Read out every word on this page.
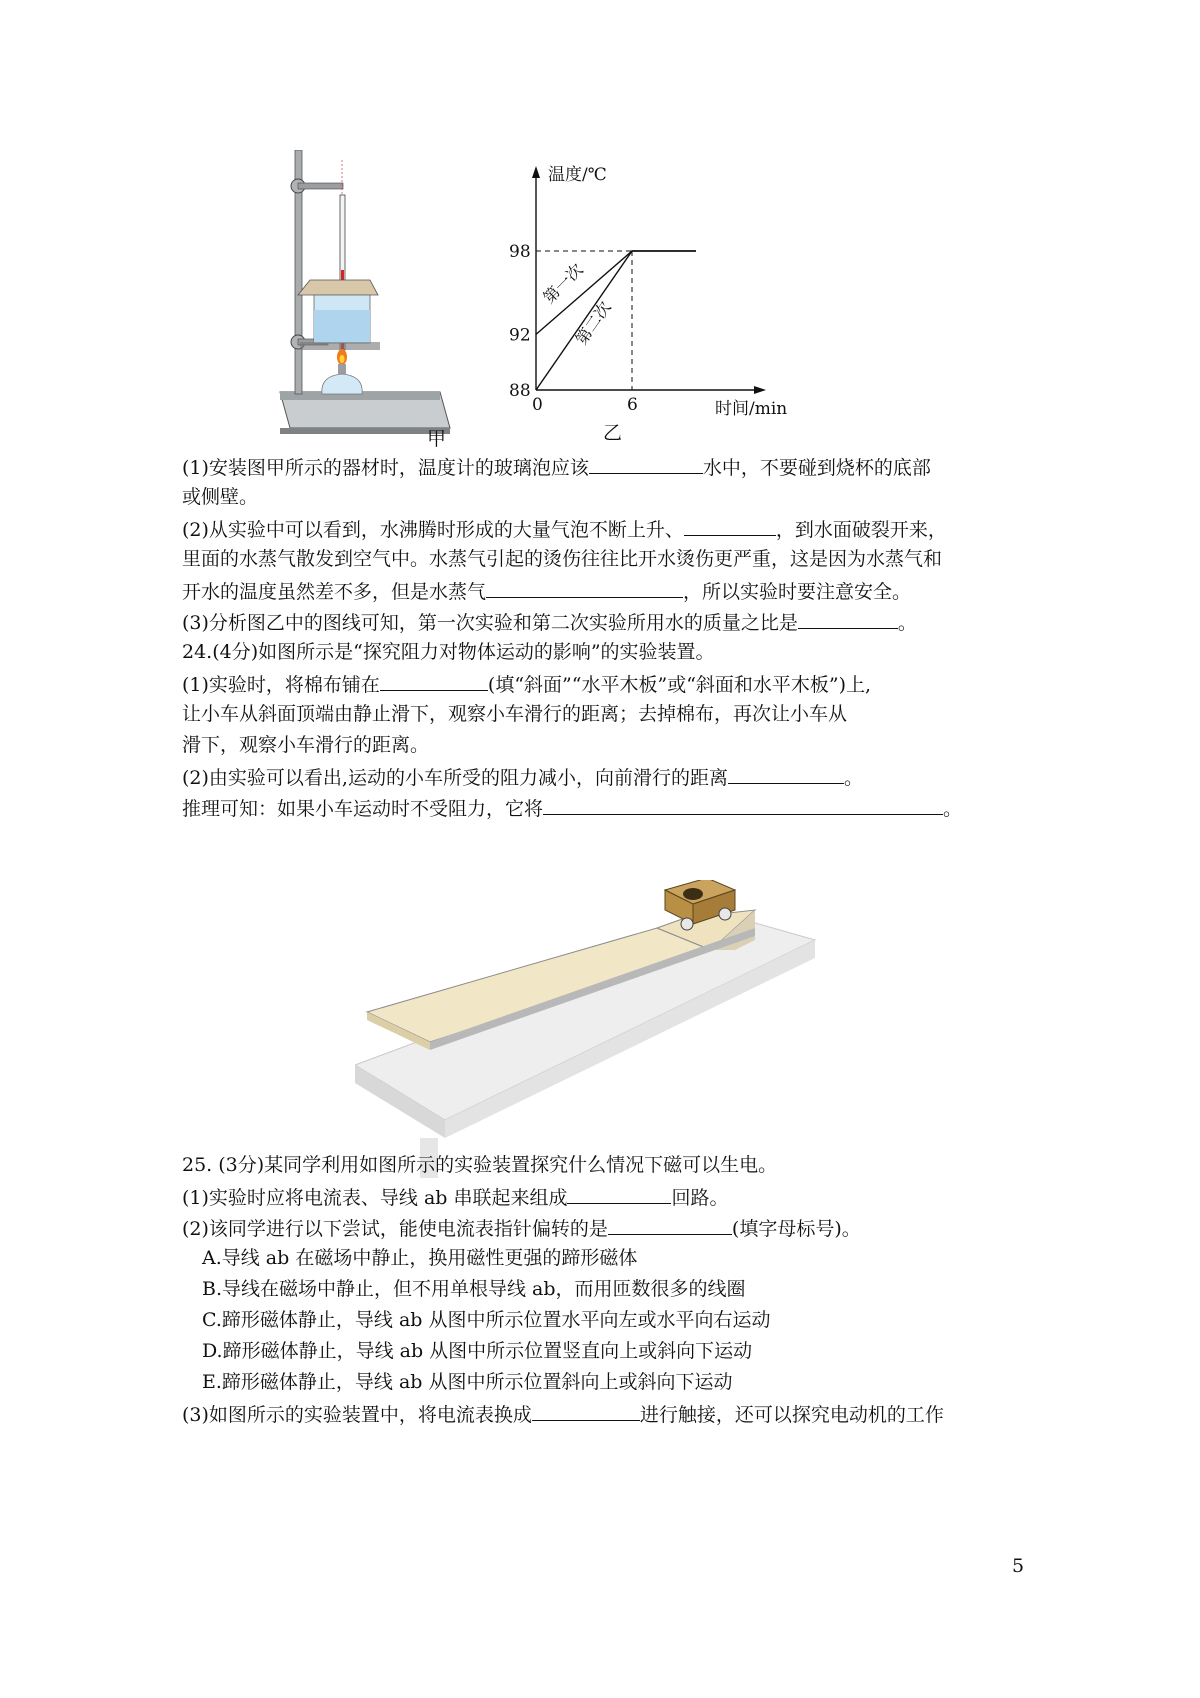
甲
温度/℃
时间/min
98
92
88
0	6
第一次
第二次
乙
(1)安装图甲所示的器材时，温度计的玻璃泡应该	水中，不要碰到烧杯的底部
或侧壁。
(2)从实验中可以看到，水沸腾时形成的大量气泡不断上升、	，到水面破裂开来，
里面的水蒸气散发到空气中。水蒸气引起的烫伤往往比开水烫伤更严重，这是因为水蒸气和
开水的温度虽然差不多，但是水蒸气	，所以实验时要注意安全。
(3)分析图乙中的图线可知，第一次实验和第二次实验所用水的质量之比是	。
24.(4分)如图所示是“探究阻力对物体运动的影响”的实验装置。
(1)实验时，将棉布铺在	(填“斜面”“水平木板”或“斜面和水平木板”)上,
让小车从斜面顶端由静止滑下，观察小车滑行的距离；去掉棉布，再次让小车从
滑下，观察小车滑行的距离。
(2)由实验可以看出,运动的小车所受的阻力减小，向前滑行的距离	。
推理可知：如果小车运动时不受阻力，它将	。
25. (3分)某同学利用如图所示的实验装置探究什么情况下磁可以生电。
(1)实验时应将电流表、导线 ab 串联起来组成	回路。
(2)该同学进行以下尝试，能使电流表指针偏转的是	(填字母标号)。
A.导线 ab 在磁场中静止，换用磁性更强的蹄形磁体
B.导线在磁场中静止，但不用单根导线 ab，而用匝数很多的线圈
C.蹄形磁体静止，导线 ab 从图中所示位置水平向左或水平向右运动
D.蹄形磁体静止，导线 ab 从图中所示位置竖直向上或斜向下运动
E.蹄形磁体静止，导线 ab 从图中所示位置斜向上或斜向下运动
(3)如图所示的实验装置中，将电流表换成	进行触接，还可以探究电动机的工作
5
